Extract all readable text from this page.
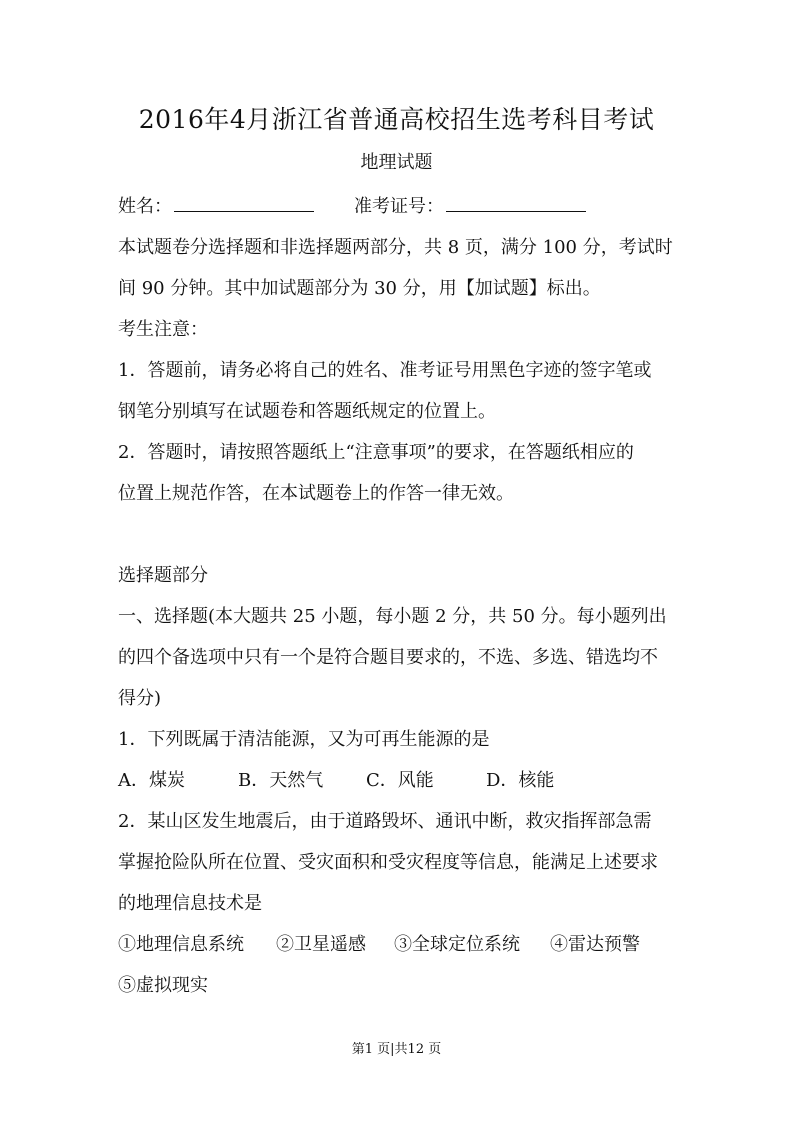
2016年4月浙江省普通高校招生选考科目考试
地理试题
姓名：	准考证号：
本试题卷分选择题和非选择题两部分，共 8 页，满分 100 分，考试时
间 90 分钟。其中加试题部分为 30 分，用【加试题】标出。
考生注意：
1．答题前，请务必将自己的姓名、准考证号用黑色字迹的签字笔或
钢笔分别填写在试题卷和答题纸规定的位置上。
2．答题时，请按照答题纸上“注意事项”的要求，在答题纸相应的
位置上规范作答，在本试题卷上的作答一律无效。
选择题部分
一、选择题(本大题共 25 小题，每小题 2 分，共 50 分。每小题列出
的四个备选项中只有一个是符合题目要求的，不选、多选、错选均不
得分)
1．下列既属于清洁能源，又为可再生能源的是
A．煤炭	B．天然气 C．风能	D．核能
2．某山区发生地震后，由于道路毁坏、通讯中断，救灾指挥部急需
掌握抢险队所在位置、受灾面积和受灾程度等信息，能满足上述要求
的地理信息技术是
①地理信息系统 ②卫星遥感 ③全球定位系统 ④雷达预警
⑤虚拟现实
第1 页|共12 页
